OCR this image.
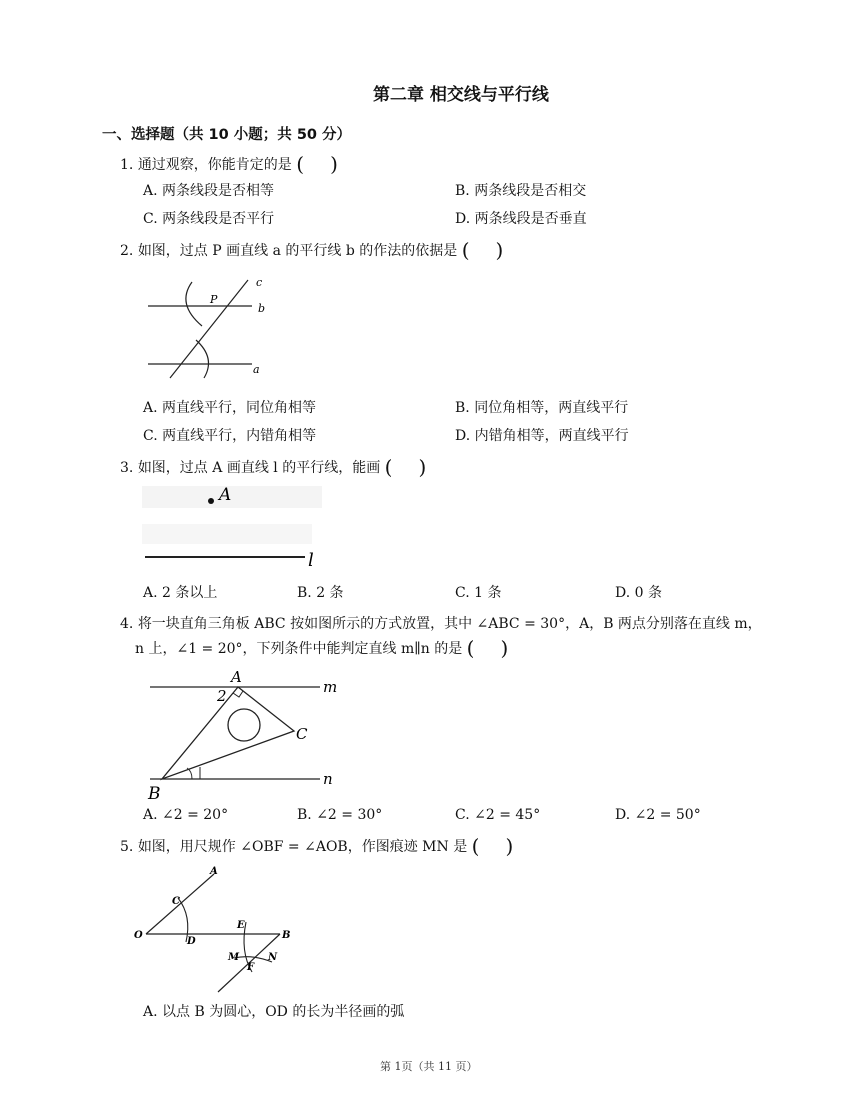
第二章 相交线与平行线
一、选择题（共 10 小题；共 50 分）
1. 通过观察，你能肯定的是 ( )
A. 两条线段是否相等	B. 两条线段是否相交
C. 两条线段是否平行	D. 两条线段是否垂直
2. 如图，过点 P 画直线 a 的平行线 b 的作法的依据是 ( )
c
P
b
a
A. 两直线平行，同位角相等	B. 同位角相等，两直线平行
C. 两直线平行，内错角相等	D. 内错角相等，两直线平行
3. 如图，过点 A 画直线 l 的平行线，能画 ( )
A
l
A. 2 条以上	B. 2 条	C. 1 条	D. 0 条
4. 将一块直角三角板 ABC 按如图所示的方式放置，其中 ∠ABC = 30°，A，B 两点分别落在直线 m，
n 上，∠1 = 20°，下列条件中能判定直线 m∥n 的是 ( )
A
2	m
C
n
B
A. ∠2 = 20°	B. ∠2 = 30°	C. ∠2 = 45°	D. ∠2 = 50°
5. 如图，用尺规作 ∠OBF = ∠AOB，作图痕迹 MN 是 ( )
A
C
O
D
E
B
M	N
F
A. 以点 B 为圆心，OD 的长为半径画的弧
第 1页（共 11 页）
